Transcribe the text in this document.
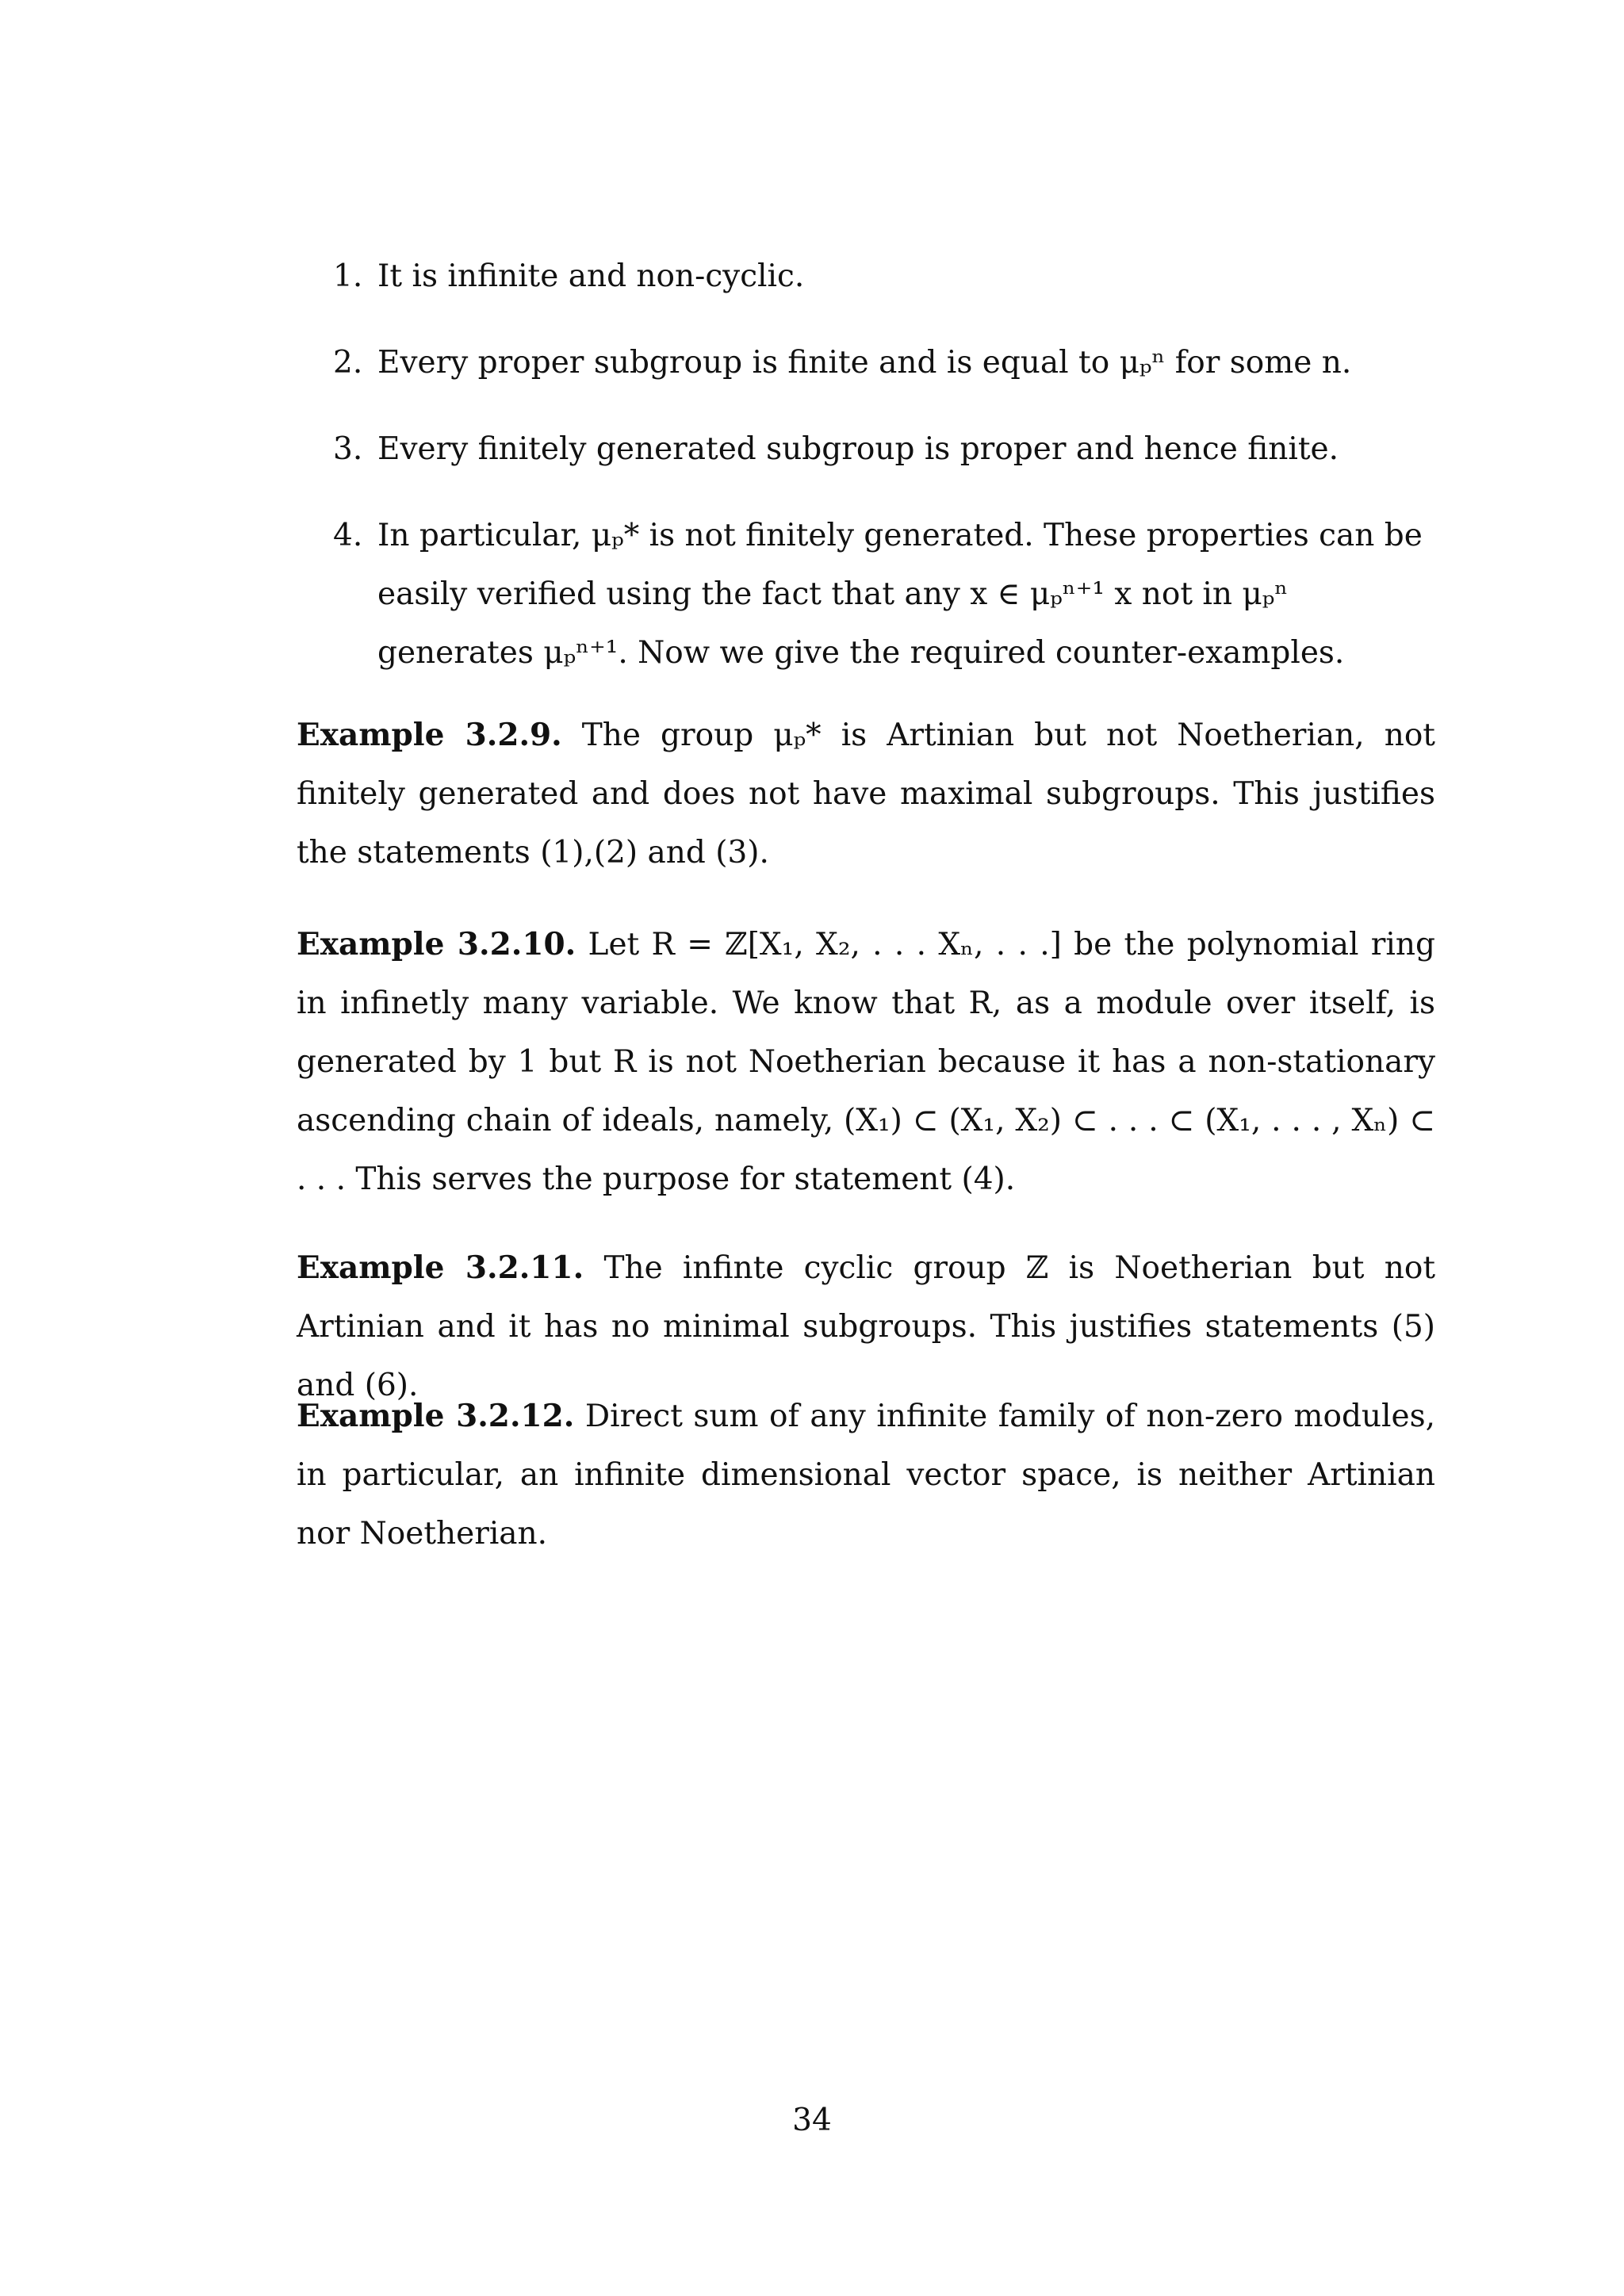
1. It is infinite and non-cyclic.
2. Every proper subgroup is finite and is equal to μₚⁿ for some n.
3. Every finitely generated subgroup is proper and hence finite.
4. In particular, μₚ* is not finitely generated. These properties can be easily verified using the fact that any x ∈ μₚⁿ⁺¹ x not in μₚⁿ generates μₚⁿ⁺¹. Now we give the required counter-examples.

Example 3.2.9. The group μₚ* is Artinian but not Noetherian, not finitely generated and does not have maximal subgroups. This justifies the statements (1),(2) and (3).

Example 3.2.10. Let R = ℤ[X₁, X₂, . . . Xₙ, . . .] be the polynomial ring in infinetly many variable. We know that R, as a module over itself, is generated by 1 but R is not Noetherian because it has a non-stationary ascending chain of ideals, namely, (X₁) ⊂ (X₁, X₂) ⊂ . . . ⊂ (X₁, . . . , Xₙ) ⊂ . . . This serves the purpose for statement (4).

Example 3.2.11. The infinte cyclic group ℤ is Noetherian but not Artinian and it has no minimal subgroups. This justifies statements (5) and (6).

Example 3.2.12. Direct sum of any infinite family of non-zero modules, in particular, an infinite dimensional vector space, is neither Artinian nor Noetherian.

34
